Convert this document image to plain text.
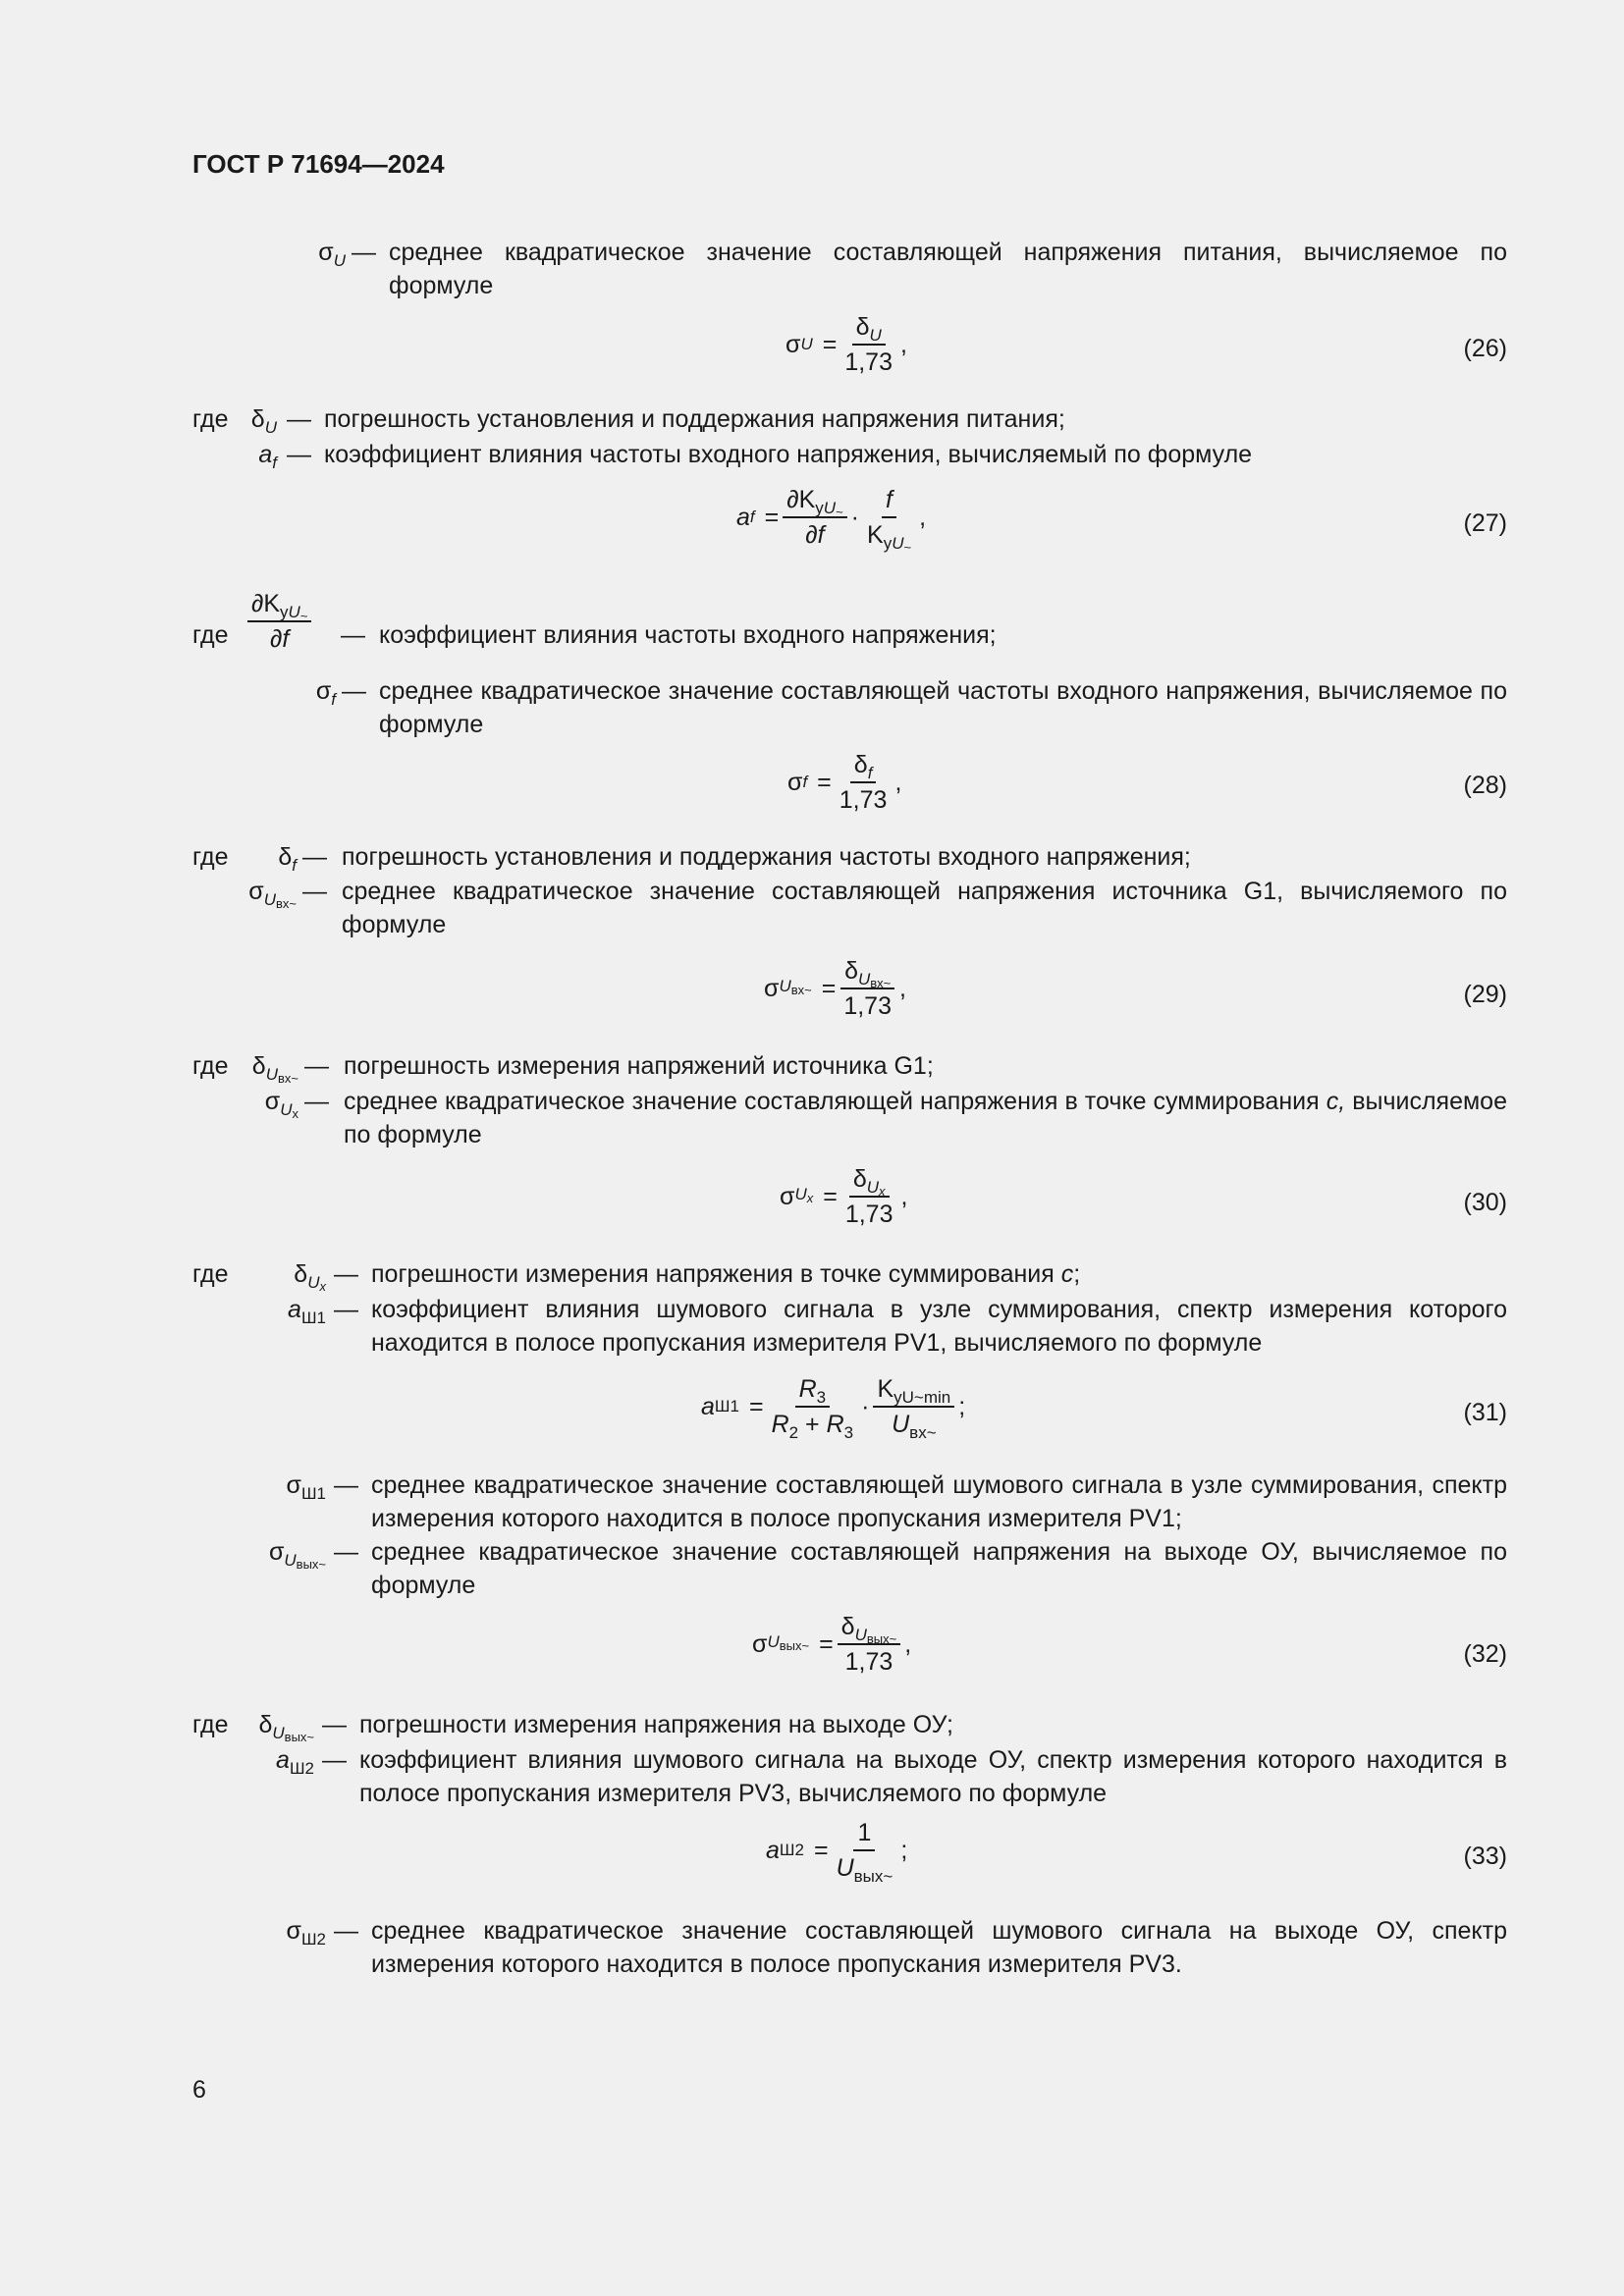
ГОСТ Р 71694—2024
$\sigma_U$ — среднее квадратическое значение составляющей напряжения питания, вычисляемое по формуле
σ $U = \frac{\delta_U}{1,73}$ ,	(26)
где $\delta_U$ — погрешность установления и поддержания напряжения питания;
$a_f$ — коэффициент влияния частоты входного напряжения, вычисляемый по формуле
a $f = \frac{\partial K_{yU_\sim}}{\partial f} \cdot \frac{f}{K_{yU_\sim}}$ ,	(27)
где $\frac{\partial K_{yU_\sim}}{\partial f}$ — коэффициент влияния частоты входного напряжения;
$\sigma_f$ — среднее квадратическое значение составляющей частоты входного напряжения, вычисляемое по формуле
σ $f = \frac{\delta_f}{1,73}$ ,	(28)
где	$\delta_f$ — погрешность установления и поддержания частоты входного напряжения;
$\sigma_{U_{вх\sim}}$ — среднее квадратическое значение составляющей напряжения источника G1, вычисляемого по формуле
σ $U_{вх\sim} = \frac{\delta_{U_{вх\sim}}}{1,73}$ ,	(29)
где $\delta_{U_{вх\sim}}$ — погрешность измерения напряжений источника G1;
$\sigma_{U_x}$ — среднее квадратическое значение составляющей напряжения в точке суммирования c, вычисляемое по формуле
σ $U_x = \frac{\delta_{U_x}}{1,73}$ ,	(30)
где	$\delta_{U_x}$ — погрешности измерения напряжения в точке суммирования c;
$a_{Ш1}$ — коэффициент влияния шумового сигнала в узле суммирования, спектр измерения которого находится в полосе пропускания измерителя PV1, вычисляемого по формуле
a $Ш1 = \frac{R_3}{R_2 + R_3} \cdot \frac{K_{yU\sim min}}{U_{вх\sim}}$ ;	(31)
$\sigma_{Ш1}$ — среднее квадратическое значение составляющей шумового сигнала в узле суммирования, спектр измерения которого находится в полосе пропускания измерителя PV1;
$\sigma_{U_{вых\sim}}$ — среднее квадратическое значение составляющей напряжения на выходе ОУ, вычисляемое по формуле
σ $U_{вых\sim} = \frac{\delta_{U_{вых\sim}}}{1,73}$ ,	(32)
где	$\delta_{U_{вых\sim}}$ — погрешности измерения напряжения на выходе ОУ;
$a_{Ш2}$ — коэффициент влияния шумового сигнала на выходе ОУ, спектр измерения которого находится в полосе пропускания измерителя PV3, вычисляемого по формуле
a $Ш2 = \frac{1}{U_{вых\sim}}$ ;	(33)
$\sigma_{Ш2}$ — среднее квадратическое значение составляющей шумового сигнала на выходе ОУ, спектр измерения которого находится в полосе пропускания измерителя PV3.
6
